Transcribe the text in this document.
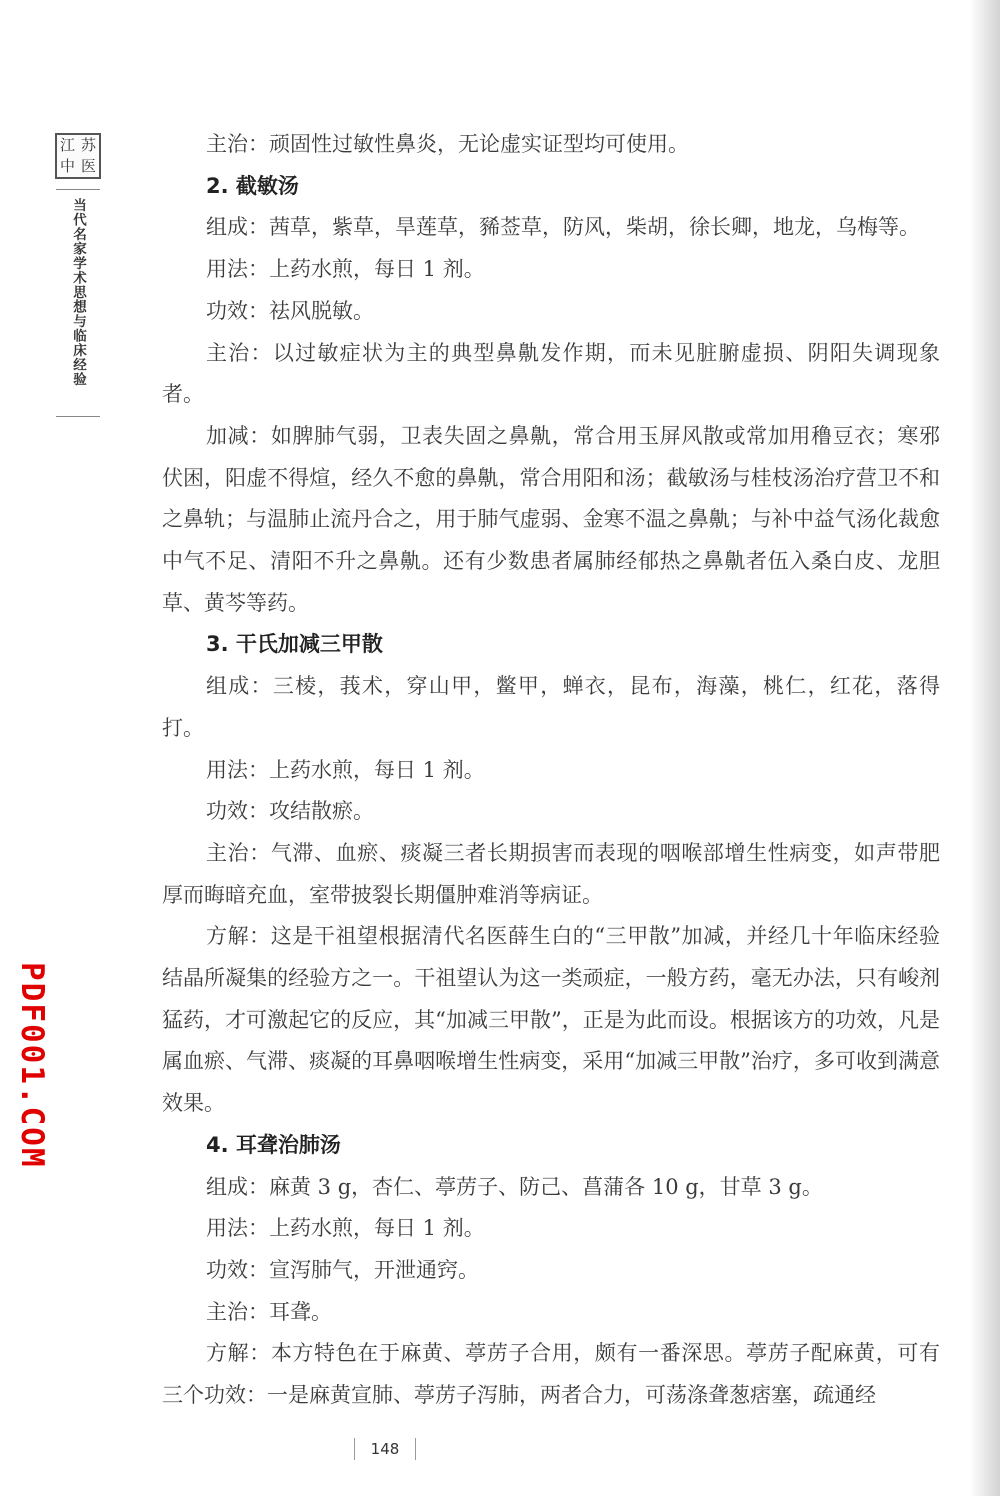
江 苏
中 医
当代名家学术思想与临床经验
PDF001.COM

主治：顽固性过敏性鼻炎，无论虚实证型均可使用。

2. 截敏汤

组成：茜草，紫草，旱莲草，豨莶草，防风，柴胡，徐长卿，地龙，乌梅等。

用法：上药水煎，每日 1 剂。

功效：祛风脱敏。

主治：以过敏症状为主的典型鼻鼽发作期，而未见脏腑虚损、阴阳失调现象者。

加减：如脾肺气弱，卫表失固之鼻鼽，常合用玉屏风散或常加用穞豆衣；寒邪伏困，阳虚不得煊，经久不愈的鼻鼽，常合用阳和汤；截敏汤与桂枝汤治疗营卫不和之鼻轨；与温肺止流丹合之，用于肺气虚弱、金寒不温之鼻鼽；与补中益气汤化裁愈中气不足、清阳不升之鼻鼽。还有少数患者属肺经郁热之鼻鼽者伍入桑白皮、龙胆草、黄芩等药。

3. 干氏加减三甲散

组成：三棱，莪术，穿山甲，鳖甲，蝉衣，昆布，海藻，桃仁，红花，落得打。

用法：上药水煎，每日 1 剂。

功效：攻结散瘀。

主治：气滞、血瘀、痰凝三者长期损害而表现的咽喉部增生性病变，如声带肥厚而晦暗充血，室带披裂长期僵肿难消等病证。

方解：这是干祖望根据清代名医薛生白的“三甲散”加减，并经几十年临床经验结晶所凝集的经验方之一。干祖望认为这一类顽症，一般方药，毫无办法，只有峻剂猛药，才可激起它的反应，其“加减三甲散”，正是为此而设。根据该方的功效，凡是属血瘀、气滞、痰凝的耳鼻咽喉增生性病变，采用“加减三甲散”治疗，多可收到满意效果。

4. 耳聋治肺汤

组成：麻黄 3 g，杏仁、葶苈子、防己、菖蒲各 10 g，甘草 3 g。

用法：上药水煎，每日 1 剂。

功效：宣泻肺气，开泄通窍。

主治：耳聋。

方解：本方特色在于麻黄、葶苈子合用，颇有一番深思。葶苈子配麻黄，可有三个功效：一是麻黄宣肺、葶苈子泻肺，两者合力，可荡涤聋葱痞塞，疏通经

148
